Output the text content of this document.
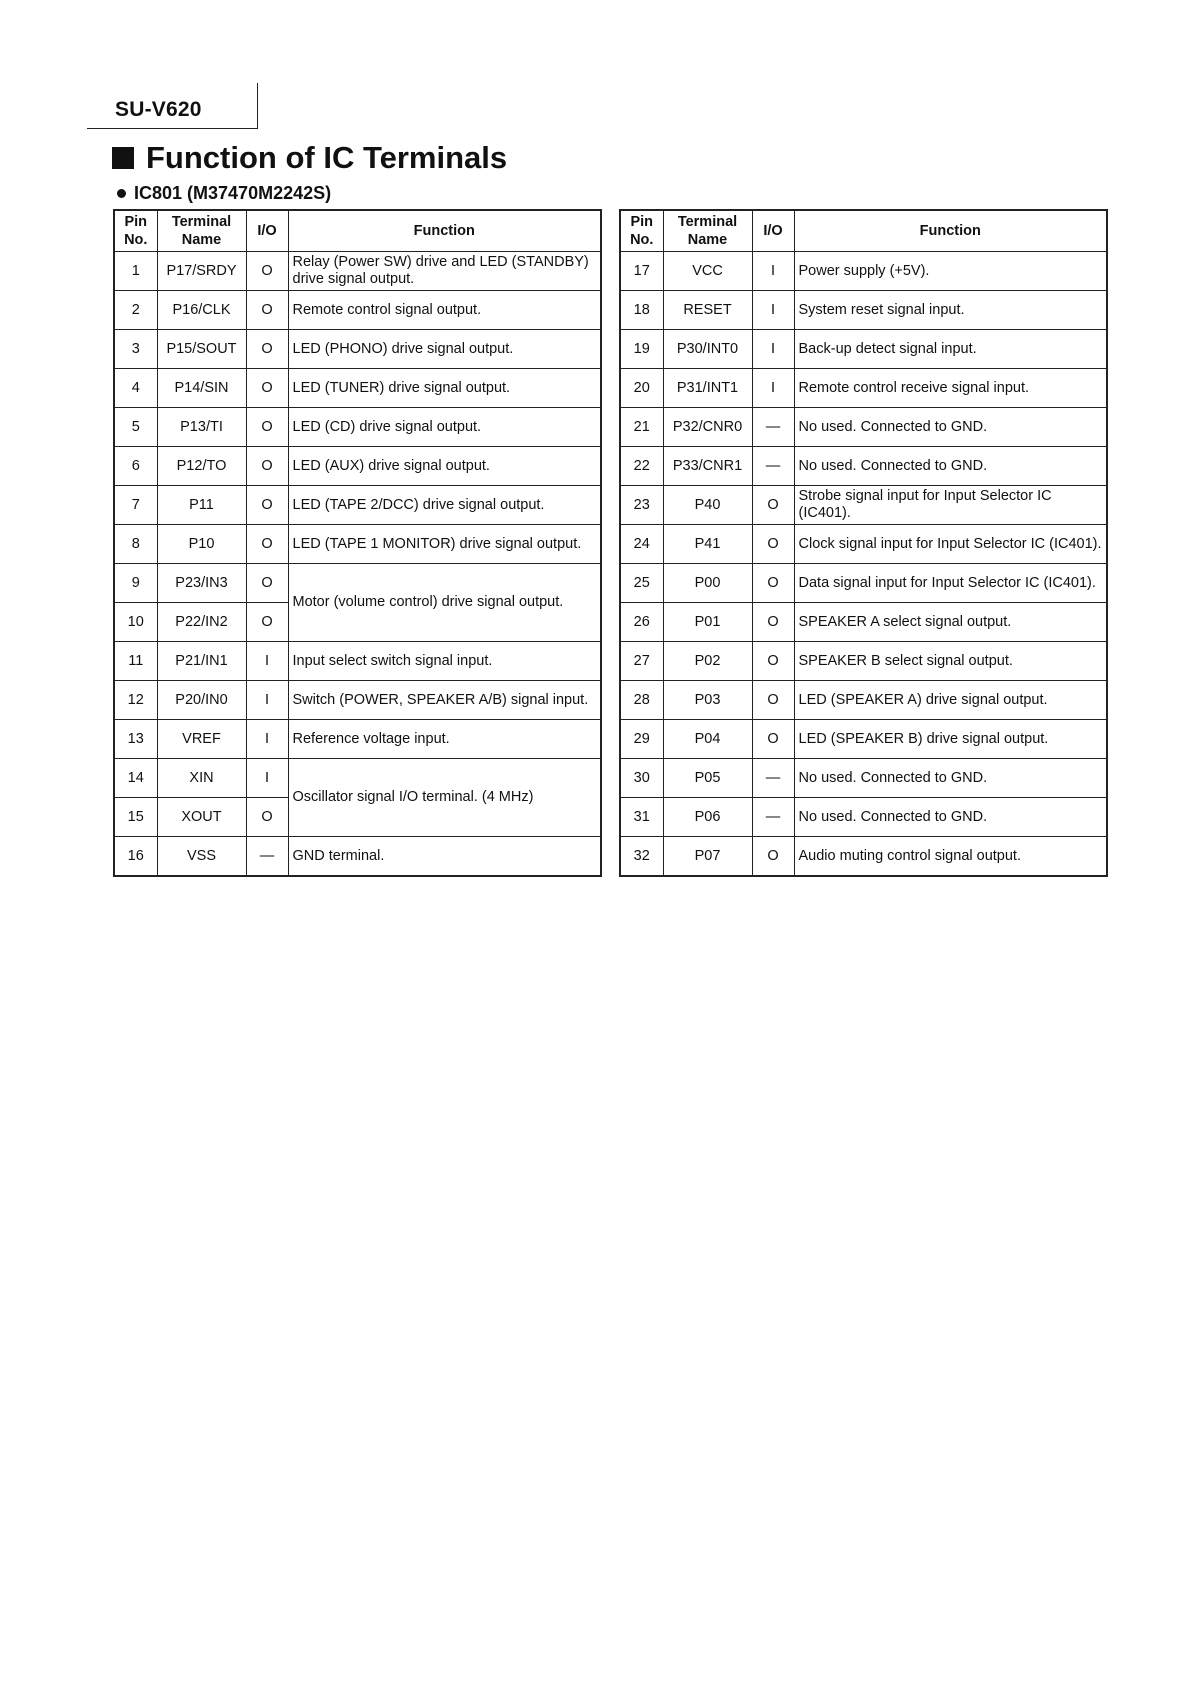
SU-V620
Function of IC Terminals
IC801 (M37470M2242S)
Pin
No.	Terminal
Name	I/O	Function
1	P17/SRDY	O	Relay (Power SW) drive and LED (STANDBY) drive signal output.
2	P16/CLK	O	Remote control signal output.
3	P15/SOUT	O	LED (PHONO) drive signal output.
4	P14/SIN	O	LED (TUNER) drive signal output.
5	P13/TI	O	LED (CD) drive signal output.
6	P12/TO	O	LED (AUX) drive signal output.
7	P11	O	LED (TAPE 2/DCC) drive signal output.
8	P10	O	LED (TAPE 1 MONITOR) drive signal output.
9	P23/IN3	O	Motor (volume control) drive signal output.
10	P22/IN2	O	
11	P21/IN1	I	Input select switch signal input.
12	P20/IN0	I	Switch (POWER, SPEAKER A/B) signal input.
13	VREF	I	Reference voltage input.
14	XIN	I	Oscillator signal I/O terminal. (4 MHz)
15	XOUT	O	
16	VSS	—	GND terminal.
Pin
No.	Terminal
Name	I/O	Function
17	VCC	I	Power supply (+5V).
18	RESET	I	System reset signal input.
19	P30/INT0	I	Back-up detect signal input.
20	P31/INT1	I	Remote control receive signal input.
21	P32/CNR0	—	No used. Connected to GND.
22	P33/CNR1	—	No used. Connected to GND.
23	P40	O	Strobe signal input for Input Selector IC (IC401).
24	P41	O	Clock signal input for Input Selector IC (IC401).
25	P00	O	Data signal input for Input Selector IC (IC401).
26	P01	O	SPEAKER A select signal output.
27	P02	O	SPEAKER B select signal output.
28	P03	O	LED (SPEAKER A) drive signal output.
29	P04	O	LED (SPEAKER B) drive signal output.
30	P05	—	No used. Connected to GND.
31	P06	—	No used. Connected to GND.
32	P07	O	Audio muting control signal output.
